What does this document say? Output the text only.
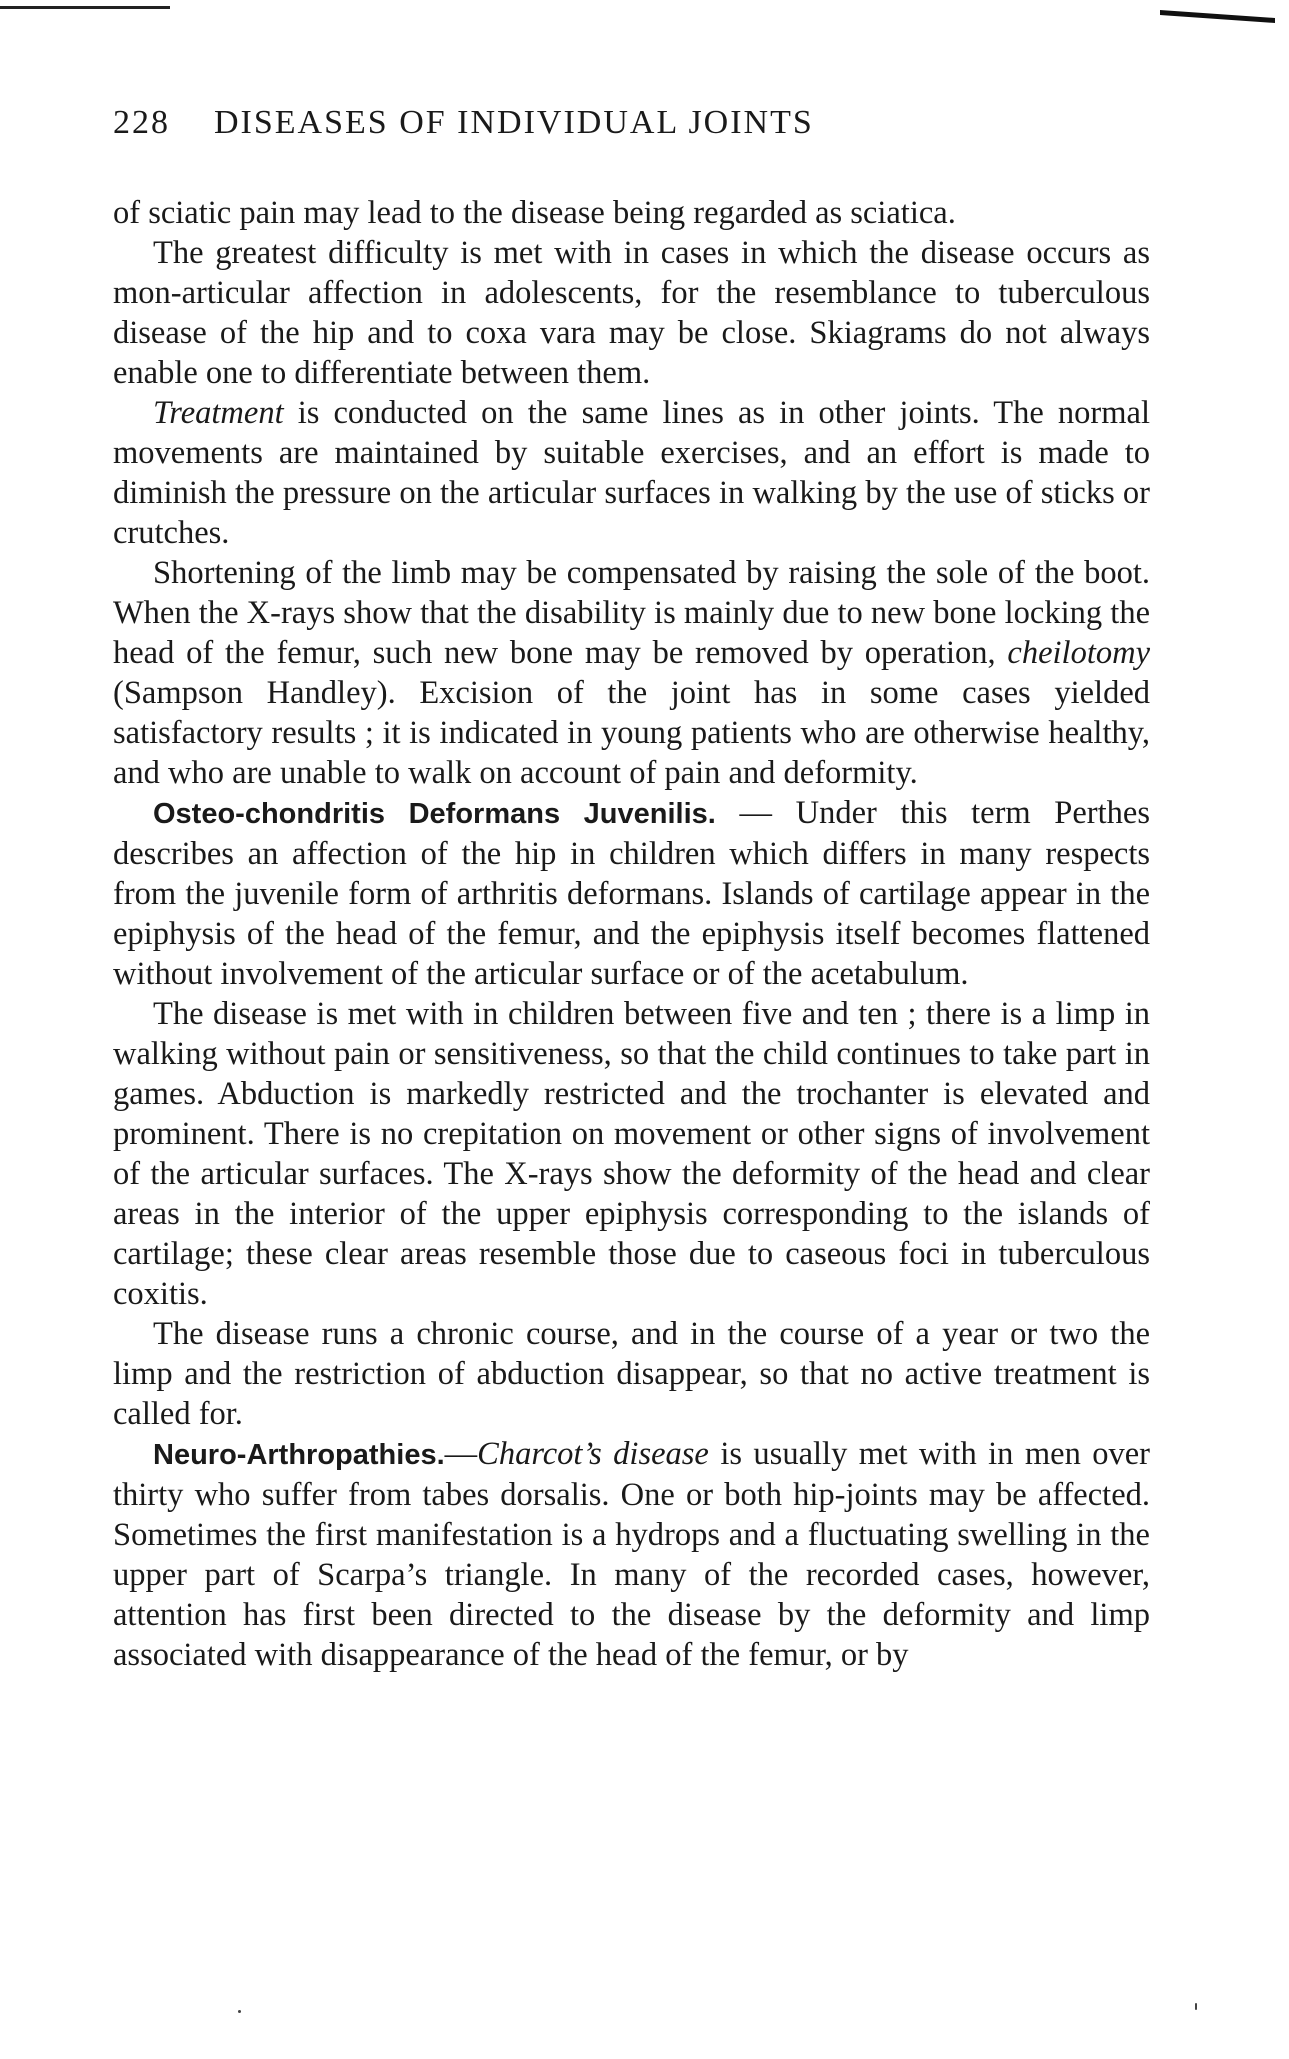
228 DISEASES OF INDIVIDUAL JOINTS

of sciatic pain may lead to the disease being regarded as sciatica.

The greatest difficulty is met with in cases in which the disease occurs as mon-articular affection in adolescents, for the resemblance to tuberculous disease of the hip and to coxa vara may be close. Skiagrams do not always enable one to differentiate between them.

Treatment is conducted on the same lines as in other joints. The normal movements are maintained by suitable exercises, and an effort is made to diminish the pressure on the articular surfaces in walking by the use of sticks or crutches.

Shortening of the limb may be compensated by raising the sole of the boot. When the X-rays show that the disability is mainly due to new bone locking the head of the femur, such new bone may be removed by operation, cheilotomy (Sampson Handley). Excision of the joint has in some cases yielded satisfactory results ; it is indicated in young patients who are otherwise healthy, and who are unable to walk on account of pain and deformity.

Osteo-chondritis Deformans Juvenilis. — Under this term Perthes describes an affection of the hip in children which differs in many respects from the juvenile form of arthritis deformans. Islands of cartilage appear in the epiphysis of the head of the femur, and the epiphysis itself becomes flattened without involvement of the articular surface or of the acetabulum.

The disease is met with in children between five and ten ; there is a limp in walking without pain or sensitiveness, so that the child continues to take part in games. Abduction is markedly restricted and the trochanter is elevated and prominent. There is no crepitation on movement or other signs of involvement of the articular surfaces. The X-rays show the deformity of the head and clear areas in the interior of the upper epiphysis corresponding to the islands of cartilage; these clear areas resemble those due to caseous foci in tuberculous coxitis.

The disease runs a chronic course, and in the course of a year or two the limp and the restriction of abduction disappear, so that no active treatment is called for.

Neuro-Arthropathies.—Charcot’s disease is usually met with in men over thirty who suffer from tabes dorsalis. One or both hip-joints may be affected. Sometimes the first manifestation is a hydrops and a fluctuating swelling in the upper part of Scarpa’s triangle. In many of the recorded cases, however, attention has first been directed to the disease by the deformity and limp associated with disappearance of the head of the femur, or by
